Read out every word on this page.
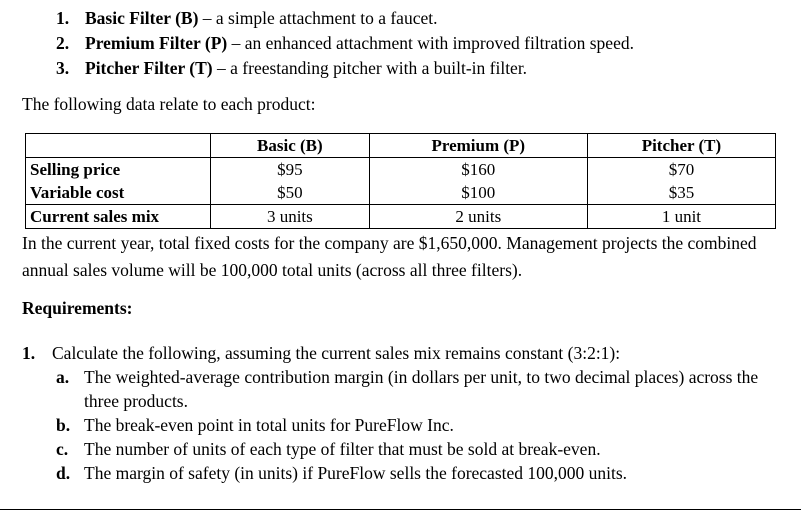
1. Basic Filter (B) – a simple attachment to a faucet.
2. Premium Filter (P) – an enhanced attachment with improved filtration speed.
3. Pitcher Filter (T) – a freestanding pitcher with a built-in filter.
The following data relate to each product:
	Basic (B)	Premium (P)	Pitcher (T)
Selling price	$95	$160	$70
Variable cost	$50	$100	$35
Current sales mix	3 units	2 units	1 unit
In the current year, total fixed costs for the company are $1,650,000. Management projects the combined annual sales volume will be 100,000 total units (across all three filters).
Requirements:
1. Calculate the following, assuming the current sales mix remains constant (3:2:1):
a. The weighted-average contribution margin (in dollars per unit, to two decimal places) across the three products.
b. The break-even point in total units for PureFlow Inc.
c. The number of units of each type of filter that must be sold at break-even.
d. The margin of safety (in units) if PureFlow sells the forecasted 100,000 units.
